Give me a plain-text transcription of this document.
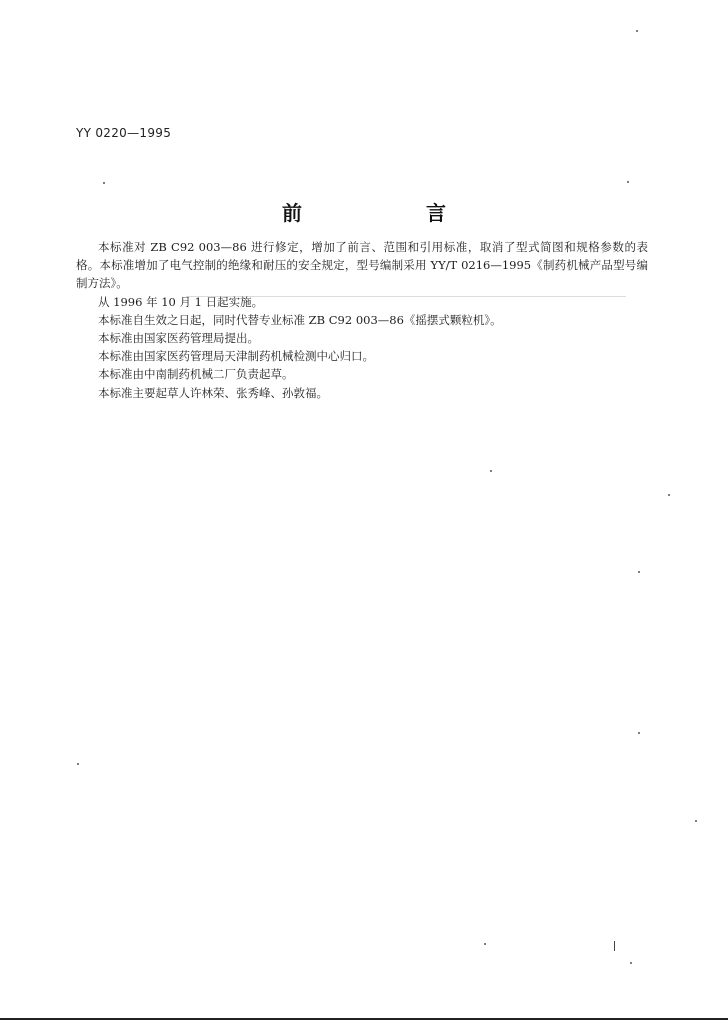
YY 0220—1995
前　言

本标准对 ZB C92 003—86 进行修定，增加了前言、范围和引用标准，取消了型式简图和规格参数的表格。本标准增加了电气控制的绝缘和耐压的安全规定，型号编制采用 YY/T 0216—1995《制药机械产品型号编制方法》。

从 1996 年 10 月 1 日起实施。

本标准自生效之日起，同时代替专业标准 ZB C92 003—86《摇摆式颗粒机》。

本标准由国家医药管理局提出。

本标准由国家医药管理局天津制药机械检测中心归口。

本标准由中南制药机械二厂负责起草。

本标准主要起草人许林荣、张秀峰、孙敦福。
